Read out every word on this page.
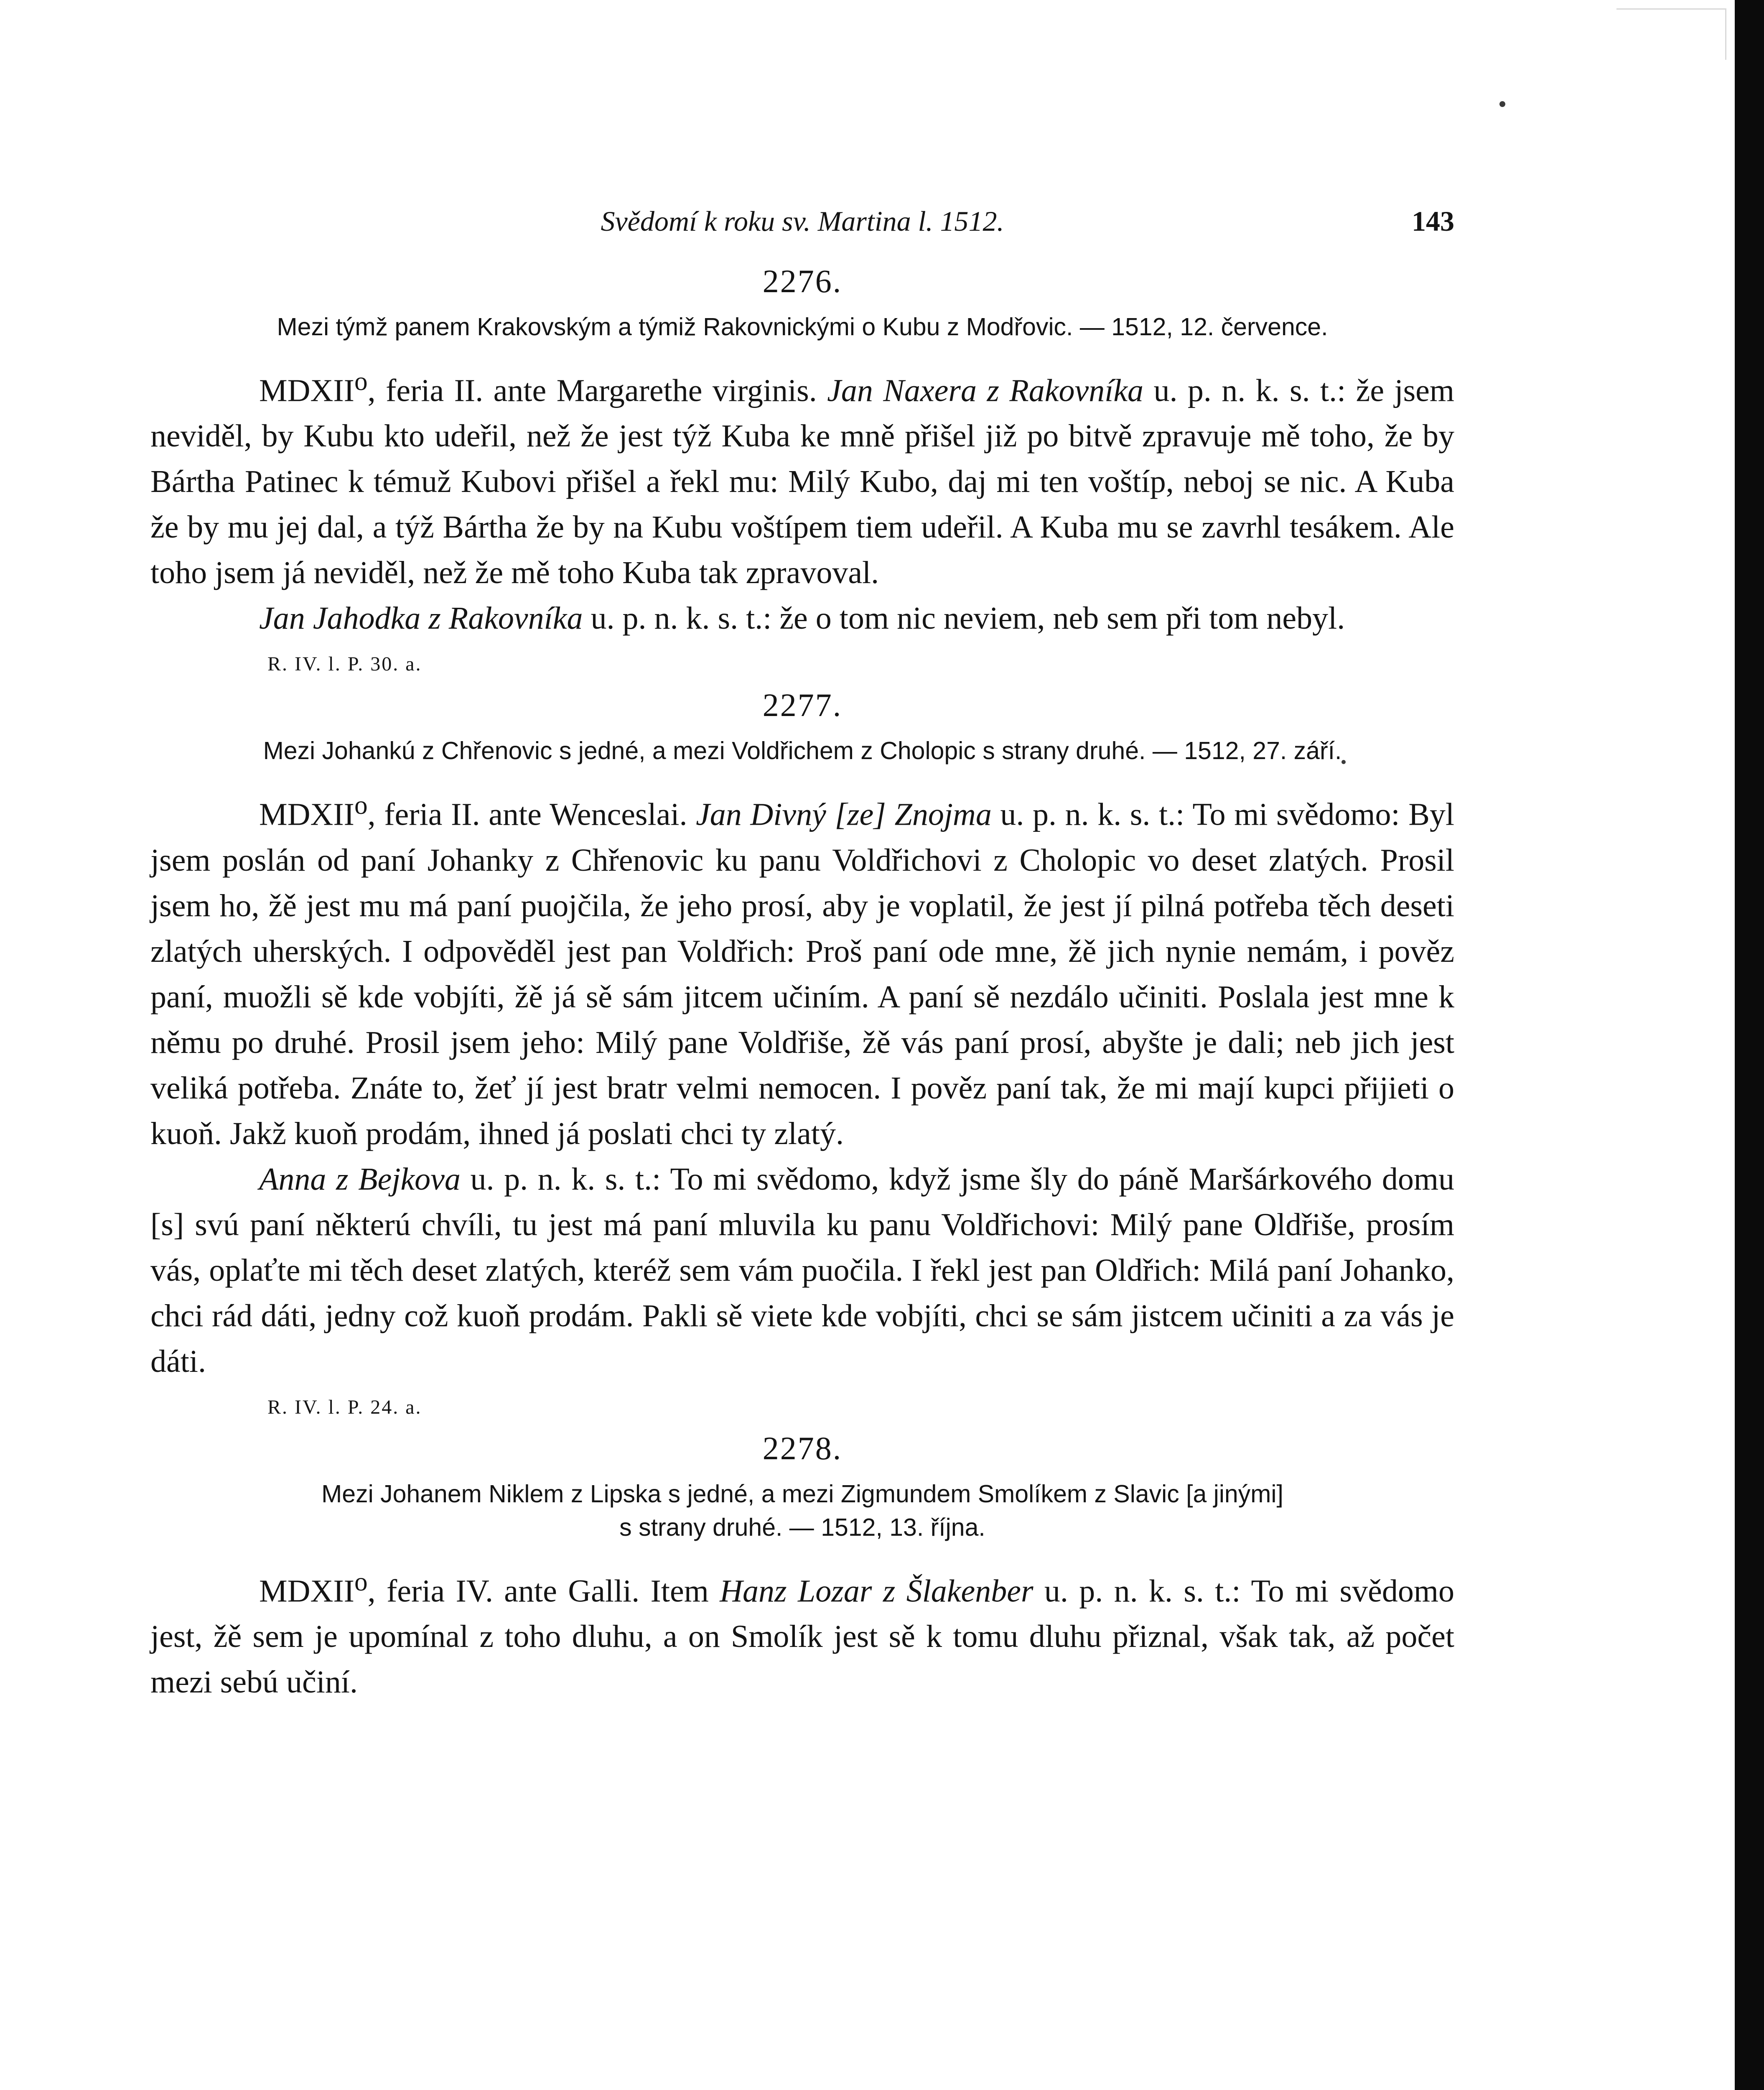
Svědomí k roku sv. Martina l. 1512.	143
2276.
Mezi týmž panem Krakovským a týmiž Rakovnickými o Kubu z Modřovic. — 1512, 12. července.

MDXII$^o$, feria II. ante Margarethe virginis. Jan Naxera z Rakovníka u. p. n. k. s. t.: že jsem neviděl, by Kubu kto udeřil, než že jest týž Kuba ke mně přišel již po bitvě zpravuje mě toho, že by Bártha Patinec k témuž Kubovi přišel a řekl mu: Milý Kubo, daj mi ten voštíp, neboj se nic. A Kuba že by mu jej dal, a týž Bártha že by na Kubu voštípem tiem udeřil. A Kuba mu se zavrhl tesákem. Ale toho jsem já neviděl, než že mě toho Kuba tak zpravoval.

Jan Jahodka z Rakovníka u. p. n. k. s. t.: že o tom nic neviem, neb sem při tom nebyl.

R. IV. l. P. 30. a.
2277.
Mezi Johankú z Chřenovic s jedné, a mezi Voldřichem z Cholopic s strany druhé. — 1512, 27. září.

MDXII$^o$, feria II. ante Wenceslai. Jan Divný [ze] Znojma u. p. n. k. s. t.: To mi svědomo: Byl jsem poslán od paní Johanky z Chřenovic ku panu Voldřichovi z Cholopic vo deset zlatých. Prosil jsem ho, žě jest mu má paní puojčila, že jeho prosí, aby je voplatil, že jest jí pilná potřeba těch deseti zlatých uherských. I odpověděl jest pan Voldřich: Proš paní ode mne, žě jich nynie nemám, i pověz paní, muožli sě kde vobjíti, žě já sě sám jitcem učiním. A paní sě nezdálo učiniti. Poslala jest mne k němu po druhé. Prosil jsem jeho: Milý pane Voldřiše, žě vás paní prosí, abyšte je dali; neb jich jest veliká potřeba. Znáte to, žeť jí jest bratr velmi nemocen. I pověz paní tak, že mi mají kupci přijieti o kuoň. Jakž kuoň prodám, ihned já poslati chci ty zlatý.

Anna z Bejkova u. p. n. k. s. t.: To mi svědomo, když jsme šly do páně Maršárkového domu [s] svú paní některú chvíli, tu jest má paní mluvila ku panu Voldřichovi: Milý pane Oldřiše, prosím vás, oplaťte mi těch deset zlatých, kteréž sem vám puočila. I řekl jest pan Oldřich: Milá paní Johanko, chci rád dáti, jedny což kuoň prodám. Pakli sě viete kde vobjíti, chci se sám jistcem učiniti a za vás je dáti.

R. IV. l. P. 24. a.
2278.
Mezi Johanem Niklem z Lipska s jedné, a mezi Zigmundem Smolíkem z Slavic [a jinými]
s strany druhé. — 1512, 13. října.

MDXII$^o$, feria IV. ante Galli. Item Hanz Lozar z Šlakenber u. p. n. k. s. t.: To mi svědomo jest, žě sem je upomínal z toho dluhu, a on Smolík jest sě k tomu dluhu přiznal, však tak, až počet mezi sebú učiní.
